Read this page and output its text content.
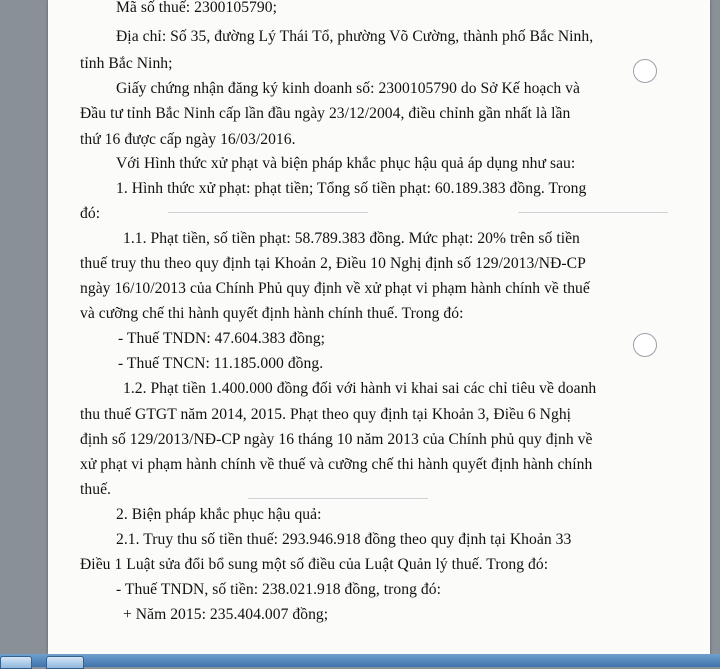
Mã số thuế: 2300105790;
Địa chỉ: Số 35, đường Lý Thái Tổ, phường Võ Cường, thành phố Bắc Ninh,
tỉnh Bắc Ninh;
Giấy chứng nhận đăng ký kinh doanh số: 2300105790 do Sở Kế hoạch và
Đầu tư tỉnh Bắc Ninh cấp lần đầu ngày 23/12/2004, điều chỉnh gần nhất là lần
thứ 16 được cấp ngày 16/03/2016.
Với Hình thức xử phạt và biện pháp khắc phục hậu quả áp dụng như sau:
1. Hình thức xử phạt: phạt tiền; Tổng số tiền phạt: 60.189.383 đồng. Trong
đó:
1.1. Phạt tiền, số tiền phạt: 58.789.383 đồng. Mức phạt: 20% trên số tiền
thuế truy thu theo quy định tại Khoản 2, Điều 10 Nghị định số 129/2013/NĐ-CP
ngày 16/10/2013 của Chính Phủ quy định về xử phạt vi phạm hành chính về thuế
và cưỡng chế thi hành quyết định hành chính thuế. Trong đó:
- Thuế TNDN: 47.604.383 đồng;
- Thuế TNCN: 11.185.000 đồng.
1.2. Phạt tiền 1.400.000 đồng đối với hành vi khai sai các chỉ tiêu về doanh
thu thuế GTGT năm 2014, 2015. Phạt theo quy định tại Khoản 3, Điều 6 Nghị
định số 129/2013/NĐ-CP ngày 16 tháng 10 năm 2013 của Chính phủ quy định về
xử phạt vi phạm hành chính về thuế và cưỡng chế thi hành quyết định hành chính
thuế.
2. Biện pháp khắc phục hậu quả:
2.1. Truy thu số tiền thuế: 293.946.918 đồng theo quy định tại Khoản 33
Điều 1 Luật sửa đổi bổ sung một số điều của Luật Quản lý thuế. Trong đó:
- Thuế TNDN, số tiền: 238.021.918 đồng, trong đó:
+ Năm 2015: 235.404.007 đồng;
